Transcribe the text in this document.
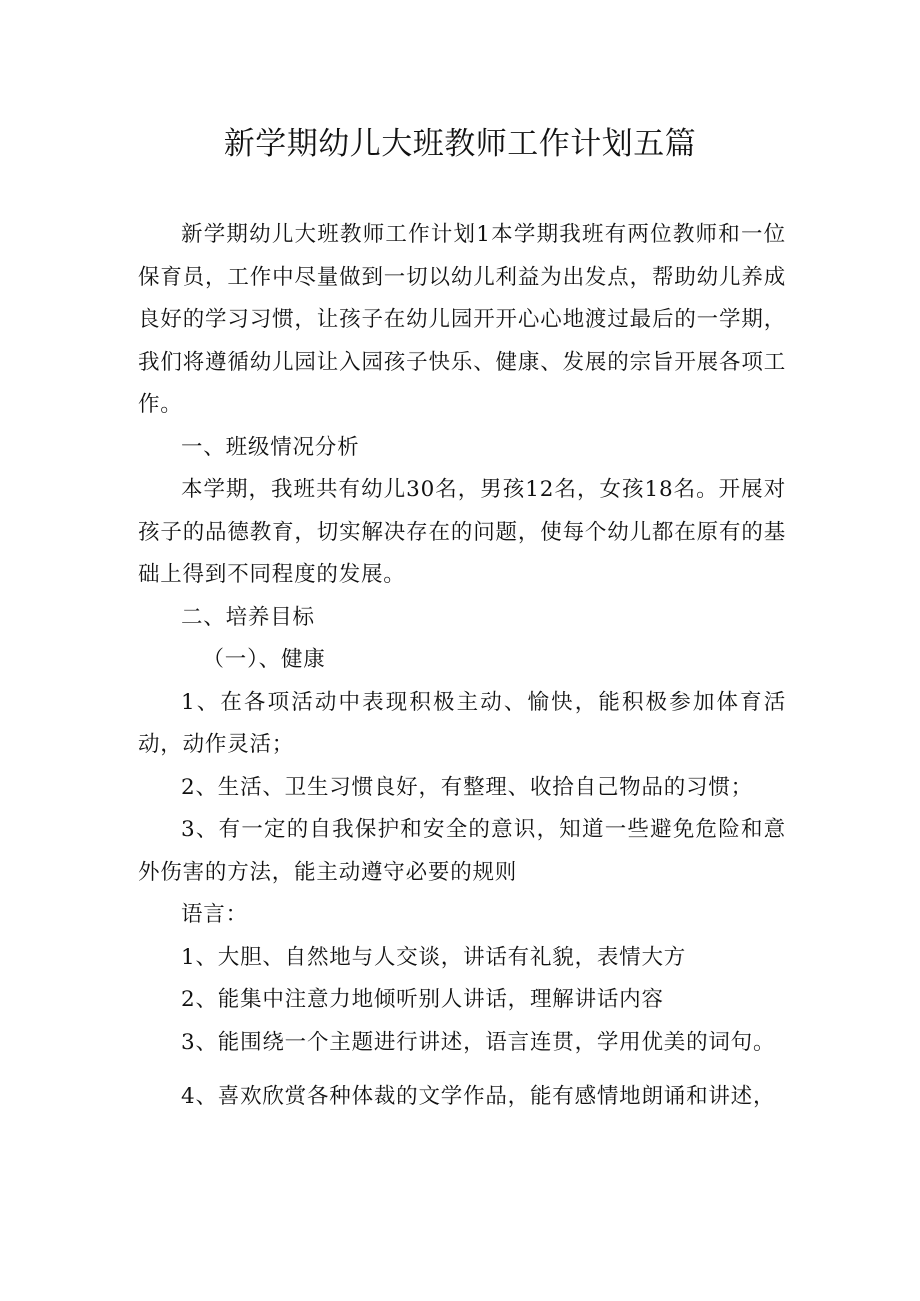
新学期幼儿大班教师工作计划五篇

新学期幼儿大班教师工作计划1本学期我班有两位教师和一位保育员，工作中尽量做到一切以幼儿利益为出发点，帮助幼儿养成良好的学习习惯，让孩子在幼儿园开开心心地渡过最后的一学期，我们将遵循幼儿园让入园孩子快乐、健康、发展的宗旨开展各项工作。

一、班级情况分析

本学期，我班共有幼儿30名，男孩12名，女孩18名。开展对孩子的品德教育，切实解决存在的问题，使每个幼儿都在原有的基础上得到不同程度的发展。

二、培养目标

（一）、健康

1、在各项活动中表现积极主动、愉快，能积极参加体育活动，动作灵活；

2、生活、卫生习惯良好，有整理、收拾自己物品的习惯；

3、有一定的自我保护和安全的意识，知道一些避免危险和意外伤害的方法，能主动遵守必要的规则

语言：

1、大胆、自然地与人交谈，讲话有礼貌，表情大方

2、能集中注意力地倾听别人讲话，理解讲话内容

3、能围绕一个主题进行讲述，语言连贯，学用优美的词句。

4、喜欢欣赏各种体裁的文学作品，能有感情地朗诵和讲述，
